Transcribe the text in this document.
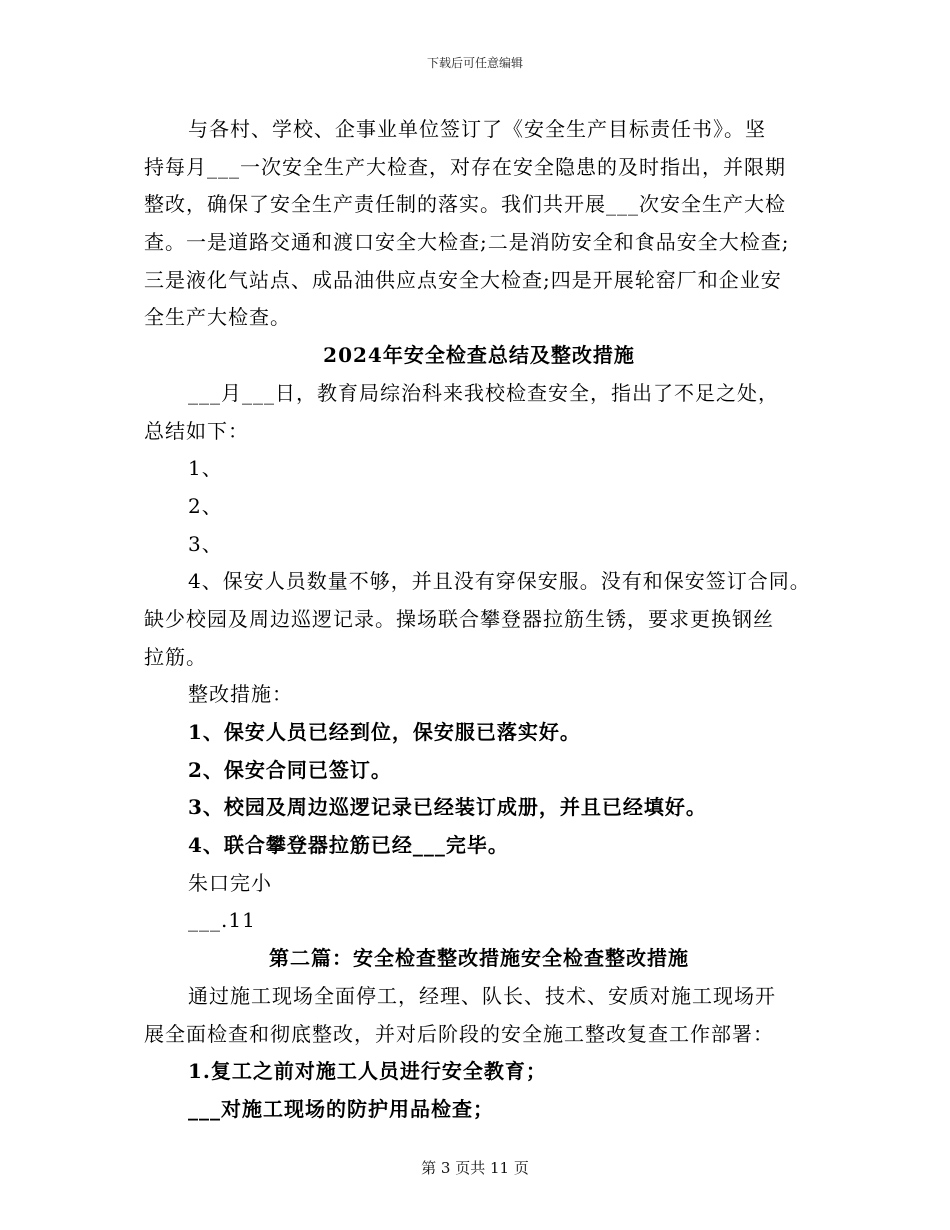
下载后可任意编辑
与各村、学校、企事业单位签订了《安全生产目标责任书》。坚
持每月___一次安全生产大检查，对存在安全隐患的及时指出，并限期
整改，确保了安全生产责任制的落实。我们共开展___次安全生产大检
查。一是道路交通和渡口安全大检查;二是消防安全和食品安全大检查;
三是液化气站点、成品油供应点安全大检查;四是开展轮窑厂和企业安
全生产大检查。
2024年安全检查总结及整改措施
___月___日，教育局综治科来我校检查安全，指出了不足之处，
总结如下：
1、
2、
3、
4、保安人员数量不够，并且没有穿保安服。没有和保安签订合同。
缺少校园及周边巡逻记录。操场联合攀登器拉筋生锈，要求更换钢丝
拉筋。
整改措施：
1、保安人员已经到位，保安服已落实好。
2、保安合同已签订。
3、校园及周边巡逻记录已经装订成册，并且已经填好。
4、联合攀登器拉筋已经___完毕。
朱口完小
___.11
第二篇：安全检查整改措施安全检查整改措施
通过施工现场全面停工，经理、队长、技术、安质对施工现场开
展全面检查和彻底整改，并对后阶段的安全施工整改复查工作部署：
1.复工之前对施工人员进行安全教育；
___对施工现场的防护用品检查；
第 3 页共 11 页
